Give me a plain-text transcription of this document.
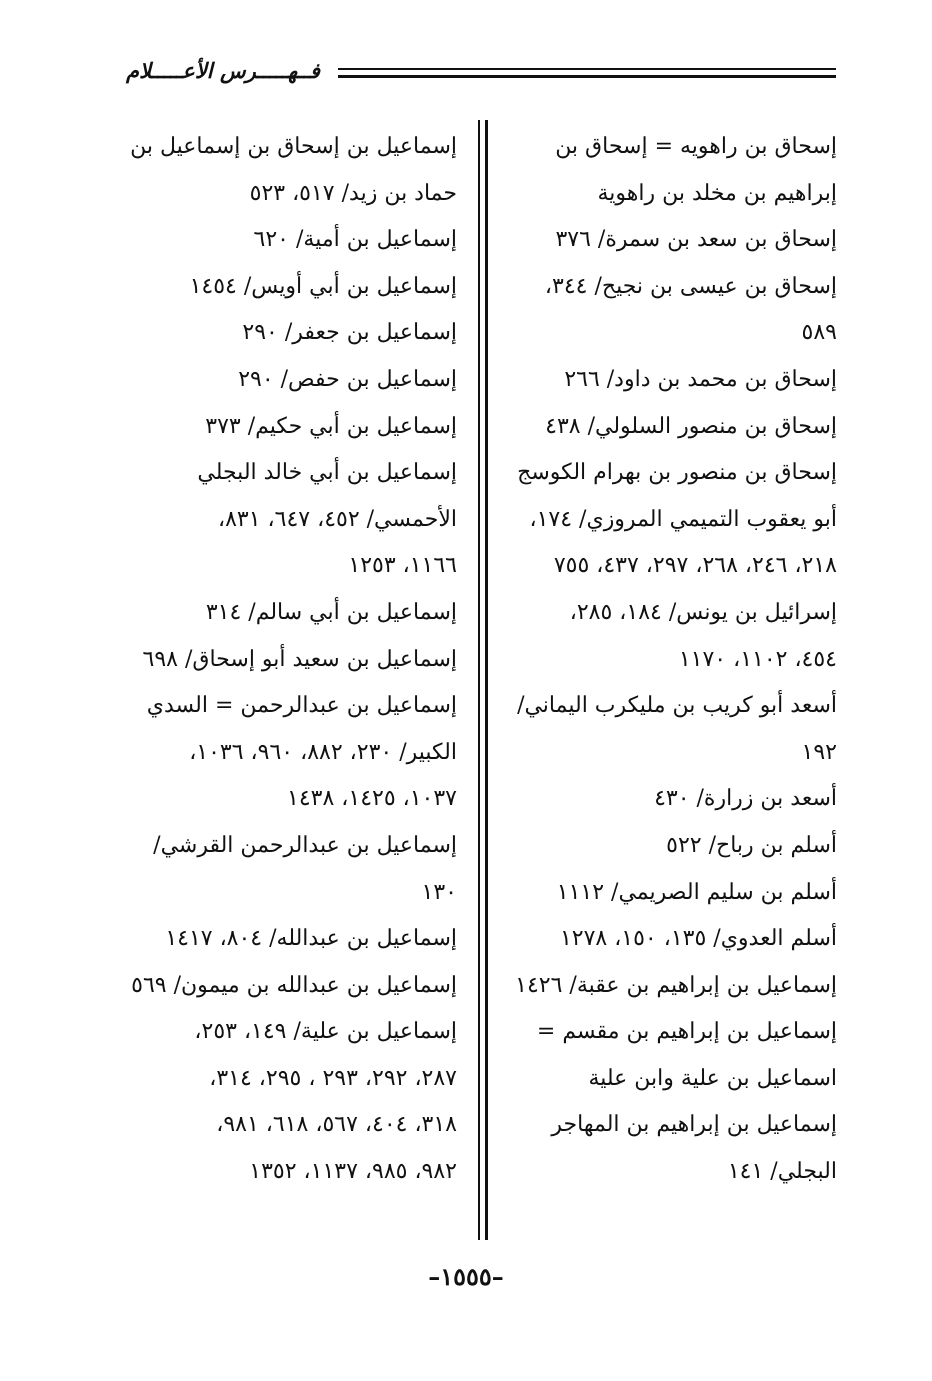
فــهـــــرس الأعـــــلام
إسحاق بن راهويه = إسحاق بن
إبراهيم بن مخلد بن راهوية
إسحاق بن سعد بن سمرة/ ٣٧٦
إسحاق بن عيسى بن نجيح/ ٣٤٤،
٥٨٩
إسحاق بن محمد بن داود/ ٢٦٦
إسحاق بن منصور السلولي/ ٤٣٨
إسحاق بن منصور بن بهرام الكوسج
أبو يعقوب التميمي المروزي/ ١٧٤،
٢١٨، ٢٤٦، ٢٦٨، ٢٩٧، ٤٣٧، ٧٥٥
إسرائيل بن يونس/ ١٨٤، ٢٨٥،
٤٥٤، ١١٠٢، ١١٧٠
أسعد أبو كريب بن مليكرب اليماني/
١٩٢
أسعد بن زرارة/ ٤٣٠
أسلم بن رباح/ ٥٢٢
أسلم بن سليم الصريمي/ ١١١٢
أسلم العدوي/ ١٣٥، ١٥٠، ١٢٧٨
إسماعيل بن إبراهيم بن عقبة/ ١٤٢٦
إسماعيل بن إبراهيم بن مقسم =
اسماعيل بن علية وابن علية
إسماعيل بن إبراهيم بن المهاجر
البجلي/ ١٤١
إسماعيل بن إسحاق بن إسماعيل بن
حماد بن زيد/ ٥١٧، ٥٢٣
إسماعيل بن أمية/ ٦٢٠
إسماعيل بن أبي أويس/ ١٤٥٤
إسماعيل بن جعفر/ ٢٩٠
إسماعيل بن حفص/ ٢٩٠
إسماعيل بن أبي حكيم/ ٣٧٣
إسماعيل بن أبي خالد البجلي
الأحمسي/ ٤٥٢، ٦٤٧، ٨٣١،
١١٦٦، ١٢٥٣
إسماعيل بن أبي سالم/ ٣١٤
إسماعيل بن سعيد أبو إسحاق/ ٦٩٨
إسماعيل بن عبدالرحمن = السدي
الكبير/ ٢٣٠، ٨٨٢، ٩٦٠، ١٠٣٦،
١٠٣٧، ١٤٢٥، ١٤٣٨
إسماعيل بن عبدالرحمن القرشي/
١٣٠
إسماعيل بن عبدالله/ ٨٠٤، ١٤١٧
إسماعيل بن عبدالله بن ميمون/ ٥٦٩
إسماعيل بن علية/ ١٤٩، ٢٥٣،
٢٨٧، ٢٩٢، ٢٩٣ ، ٢٩٥، ٣١٤،
٣١٨، ٤٠٤، ٥٦٧، ٦١٨، ٩٨١،
٩٨٢، ٩٨٥، ١١٣٧، ١٣٥٢
–١٥٥٥–
